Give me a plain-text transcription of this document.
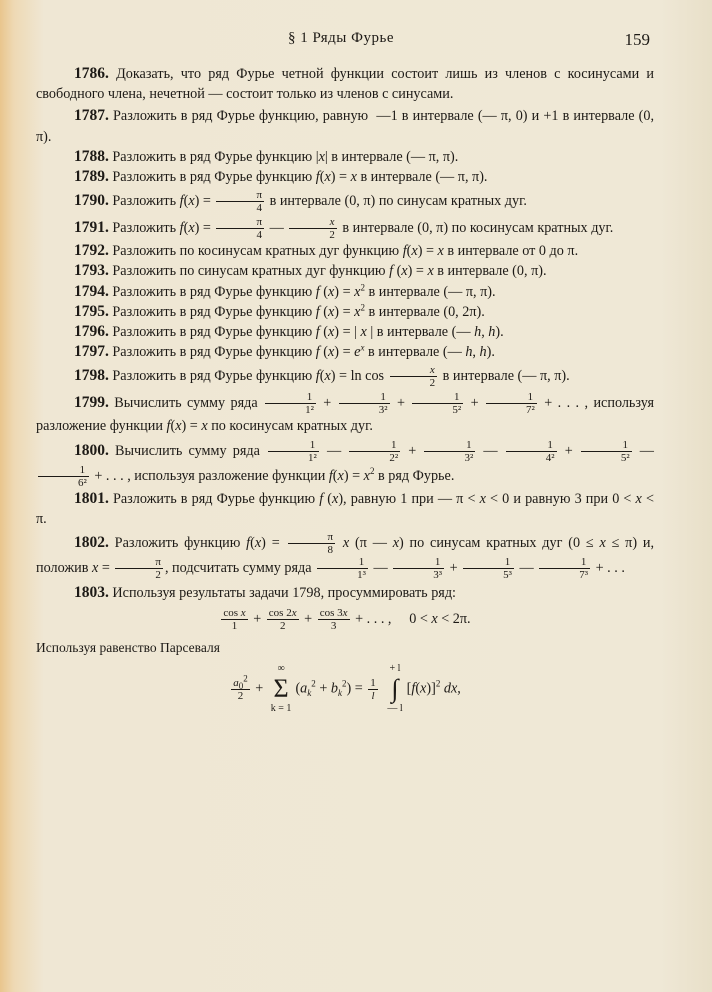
§ 1 Ряды Фурье	159

1786. Доказать, что ряд Фурье четной функции состоит лишь из членов с косинусами и свободного члена, нечетной — состоит только из членов с синусами.

1787. Разложить в ряд Фурье функцию, равную  —1 в интервале (— π, 0) и +1 в интервале (0, π).

1788. Разложить в ряд Фурье функцию |x| в интервале (— π, π).

1789. Разложить в ряд Фурье функцию f(x) = x в интервале (— π, π).

1790. Разложить $f(x) = \frac{\pi}{4}$ в интервале (0, π) по синусам кратных дуг.

1791. Разложить $f(x) = \frac{\pi}{4}$ — $\frac{x}{2}$ в интервале (0, π) по косинусам кратных дуг.

1792. Разложить по косинусам кратных дуг функцию f(x) = x в интервале от 0 до π.

1793. Разложить по синусам кратных дуг функцию f (x) = x в интервале (0, π).

1794. Разложить в ряд Фурье функцию f $(x) = x^2$ в интервале (— π, π).

1795. Разложить в ряд Фурье функцию f $(x) = x^2$ в интервале (0, 2π).

1796. Разложить в ряд Фурье функцию f (x) = | x | в интервале (— h, h).

1797. Разложить в ряд Фурье функцию f $(x) = e^x$ в интервале (— h, h).

1798. Разложить в ряд Фурье функцию $f(x) = \ln \cos \frac{x}{2}$ в интервале (— π, π).

1799. Вычислить сумму ряда $\frac{1}{\text{1²}} + \frac{1}{\text{3²}} + \frac{1}{\text{5²}} + \frac{1}{\text{7²}}$ + . . . , используя разложение функции f(x) = x по косинусам кратных дуг.

1800. Вычислить сумму ряда $\frac{1}{\text{1²}}$ — $\frac{1}{\text{2²}} + \frac{1}{\text{3²}}$ — $\frac{1}{\text{4²}} + \frac{1}{\text{5²}}$ —
$\frac{1}{\text{6²}}$ + . . . , используя разложение функции $f(x) = x^2$ в ряд Фурье.

1801. Разложить в ряд Фурье функцию f (x), равную 1 при — π < x < 0 и равную 3 при 0 < x < π.

1802. Разложить функцию $f(x) = \frac{\pi}{8}$ x (π — x) по синусам кратных дуг (0 ≤ x ≤ π) и, положив $x = \frac{\pi}{2}$ , подсчитать сумму ряда $\frac{1}{\text{1³}}$ — $\frac{1}{\text{3³}} + \frac{1}{\text{5³}}$ — $\frac{1}{\text{7³}}$ + . . .

1803. Используя результаты задачи 1798, просуммировать ряд:

$\frac{\text{cos x}}{1} + \frac{\cos 2x}{2} + \frac{\cos 3x}{3}$ + . . . ,     0 < x < 2π.
Используя равенство Парсеваля
$\frac{a_0^2}{2}$ +
∞
Σ
k = 1
$(a_k^2 + b_k^2) = \frac{1}{l}$

+ l
∫
— l
$[f(x)]^2$ dx,
